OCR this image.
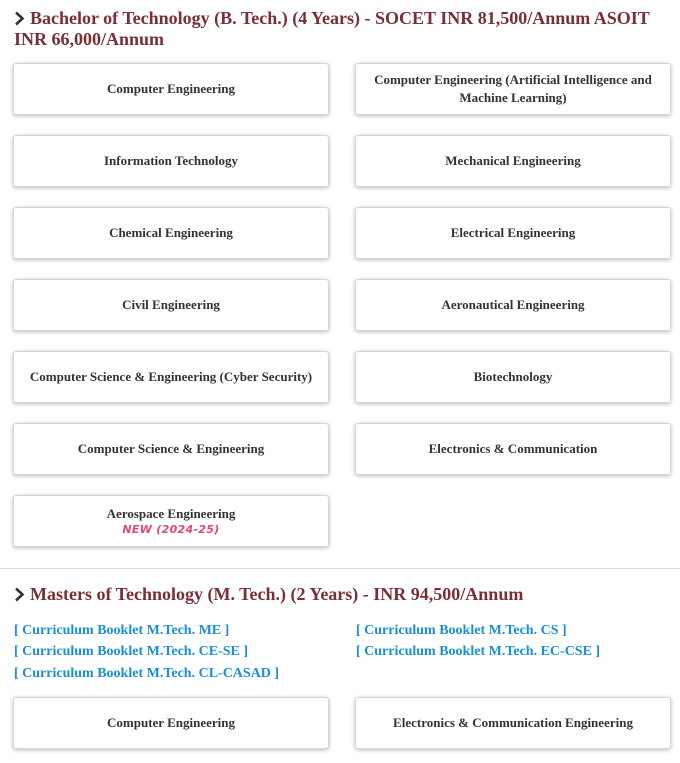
Bachelor of Technology (B. Tech.) (4 Years) - SOCET INR 81,500/Annum ASOIT INR 66,000/Annum
Computer Engineering
Computer Engineering (Artificial Intelligence and Machine Learning)
Information Technology	Mechanical Engineering
Chemical Engineering	Electrical Engineering
Civil Engineering	Aeronautical Engineering
Computer Science & Engineering (Cyber Security)	Biotechnology
Computer Science & Engineering	Electronics & Communication
Aerospace Engineering
NEW (2024-25)
Masters of Technology (M. Tech.) (2 Years) - INR 94,500/Annum
[ Curriculum Booklet M.Tech. ME ]	[ Curriculum Booklet M.Tech. CS ]
[ Curriculum Booklet M.Tech. CE-SE ]	[ Curriculum Booklet M.Tech. EC-CSE ]
[ Curriculum Booklet M.Tech. CL-CASAD ]
Computer Engineering	Electronics & Communication Engineering
